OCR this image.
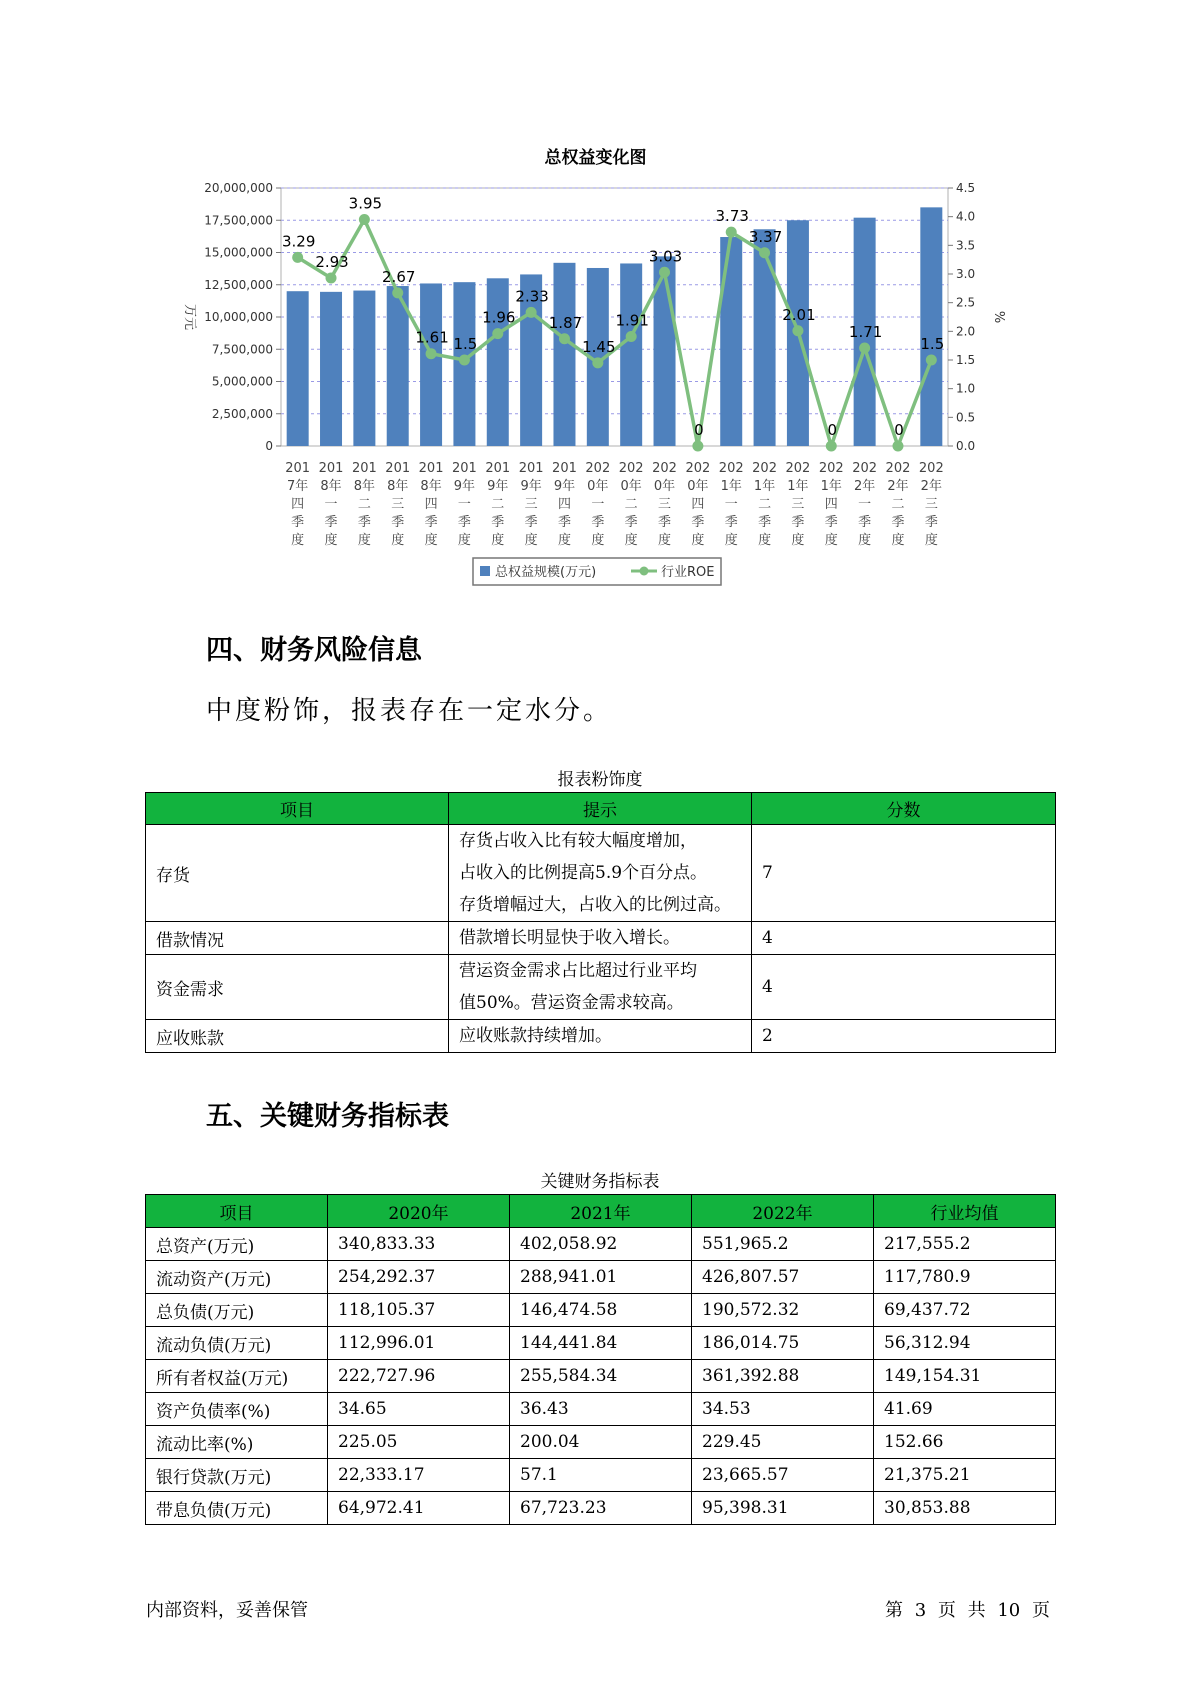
总权益变化图
0
2,500,000
5,000,000
7,500,000
10,000,000
12,500,000
15,000,000
17,500,000
20,000,000
0.0
0.5
1.0
1.5
2.0
2.5
3.0
3.5
4.0
4.5
万元	%
201
7年
四
季
度
201
8年
一
季
度
201
8年
二
季
度
201
8年
三
季
度
201
8年
四
季
度
201
9年
一
季
度
201
9年
二
季
度
201
9年
三
季
度
201
9年
四
季
度
202
0年
一
季
度
202
0年
二
季
度
202
0年
三
季
度
202
0年
四
季
度
202
1年
一
季
度
202
1年
二
季
度
202
1年
三
季
度
202
1年
四
季
度
202
2年
一
季
度
202
2年
二
季
度
202
2年
三
季
度
3.29
2.93
3.95
2.67
1.61 1.5
1.96
2.33
1.87
1.45
1.91
3.03
0
3.73
3.37
2.01
0
1.71
0
1.5
总权益规模(万元)	行业ROE
四、财务风险信息
中度粉饰，报表存在一定水分。
报表粉饰度
项目	提示	分数
存货	存货占收入比有较大幅度增加，
占收入的比例提高5.9个百分点。
存货增幅过大，占收入的比例过高。	7
借款情况	借款增长明显快于收入增长。	4
资金需求	营运资金需求占比超过行业平均
值50%。营运资金需求较高。	4
应收账款	应收账款持续增加。	2
五、关键财务指标表
关键财务指标表
项目	2020年	2021年	2022年	行业均值
总资产(万元)	340,833.33	402,058.92	551,965.2	217,555.2
流动资产(万元)	254,292.37	288,941.01	426,807.57	117,780.9
总负债(万元)	118,105.37	146,474.58	190,572.32	69,437.72
流动负债(万元)	112,996.01	144,441.84	186,014.75	56,312.94
所有者权益(万元)	222,727.96	255,584.34	361,392.88	149,154.31
资产负债率(%)	34.65	36.43	34.53	41.69
流动比率(%)	225.05	200.04	229.45	152.66
银行贷款(万元)	22,333.17	57.1	23,665.57	21,375.21
带息负债(万元)	64,972.41	67,723.23	95,398.31	30,853.88
内部资料，妥善保管	第 3 页 共 10 页
